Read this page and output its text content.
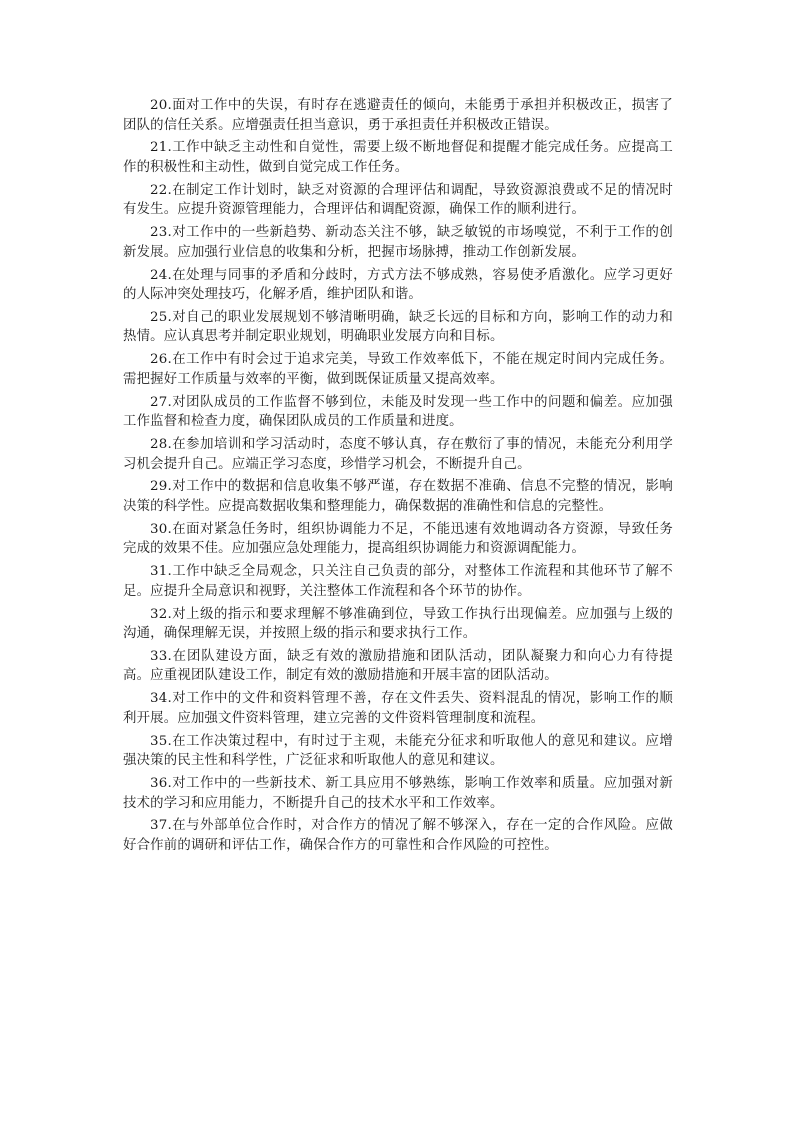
20.面对工作中的失误，有时存在逃避责任的倾向，未能勇于承担并积极改正，损害了团队的信任关系。应增强责任担当意识，勇于承担责任并积极改正错误。

21.工作中缺乏主动性和自觉性，需要上级不断地督促和提醒才能完成任务。应提高工作的积极性和主动性，做到自觉完成工作任务。

22.在制定工作计划时，缺乏对资源的合理评估和调配，导致资源浪费或不足的情况时有发生。应提升资源管理能力，合理评估和调配资源，确保工作的顺利进行。

23.对工作中的一些新趋势、新动态关注不够，缺乏敏锐的市场嗅觉，不利于工作的创新发展。应加强行业信息的收集和分析，把握市场脉搏，推动工作创新发展。

24.在处理与同事的矛盾和分歧时，方式方法不够成熟，容易使矛盾激化。应学习更好的人际冲突处理技巧，化解矛盾，维护团队和谐。

25.对自己的职业发展规划不够清晰明确，缺乏长远的目标和方向，影响工作的动力和热情。应认真思考并制定职业规划，明确职业发展方向和目标。

26.在工作中有时会过于追求完美，导致工作效率低下，不能在规定时间内完成任务。需把握好工作质量与效率的平衡，做到既保证质量又提高效率。

27.对团队成员的工作监督不够到位，未能及时发现一些工作中的问题和偏差。应加强工作监督和检查力度，确保团队成员的工作质量和进度。

28.在参加培训和学习活动时，态度不够认真，存在敷衍了事的情况，未能充分利用学习机会提升自己。应端正学习态度，珍惜学习机会，不断提升自己。

29.对工作中的数据和信息收集不够严谨，存在数据不准确、信息不完整的情况，影响决策的科学性。应提高数据收集和整理能力，确保数据的准确性和信息的完整性。

30.在面对紧急任务时，组织协调能力不足，不能迅速有效地调动各方资源，导致任务完成的效果不佳。应加强应急处理能力，提高组织协调能力和资源调配能力。

31.工作中缺乏全局观念，只关注自己负责的部分，对整体工作流程和其他环节了解不足。应提升全局意识和视野，关注整体工作流程和各个环节的协作。

32.对上级的指示和要求理解不够准确到位，导致工作执行出现偏差。应加强与上级的沟通，确保理解无误，并按照上级的指示和要求执行工作。

33.在团队建设方面，缺乏有效的激励措施和团队活动，团队凝聚力和向心力有待提高。应重视团队建设工作，制定有效的激励措施和开展丰富的团队活动。

34.对工作中的文件和资料管理不善，存在文件丢失、资料混乱的情况，影响工作的顺利开展。应加强文件资料管理，建立完善的文件资料管理制度和流程。

35.在工作决策过程中，有时过于主观，未能充分征求和听取他人的意见和建议。应增强决策的民主性和科学性，广泛征求和听取他人的意见和建议。

36.对工作中的一些新技术、新工具应用不够熟练，影响工作效率和质量。应加强对新技术的学习和应用能力，不断提升自己的技术水平和工作效率。

37.在与外部单位合作时，对合作方的情况了解不够深入，存在一定的合作风险。应做好合作前的调研和评估工作，确保合作方的可靠性和合作风险的可控性。
